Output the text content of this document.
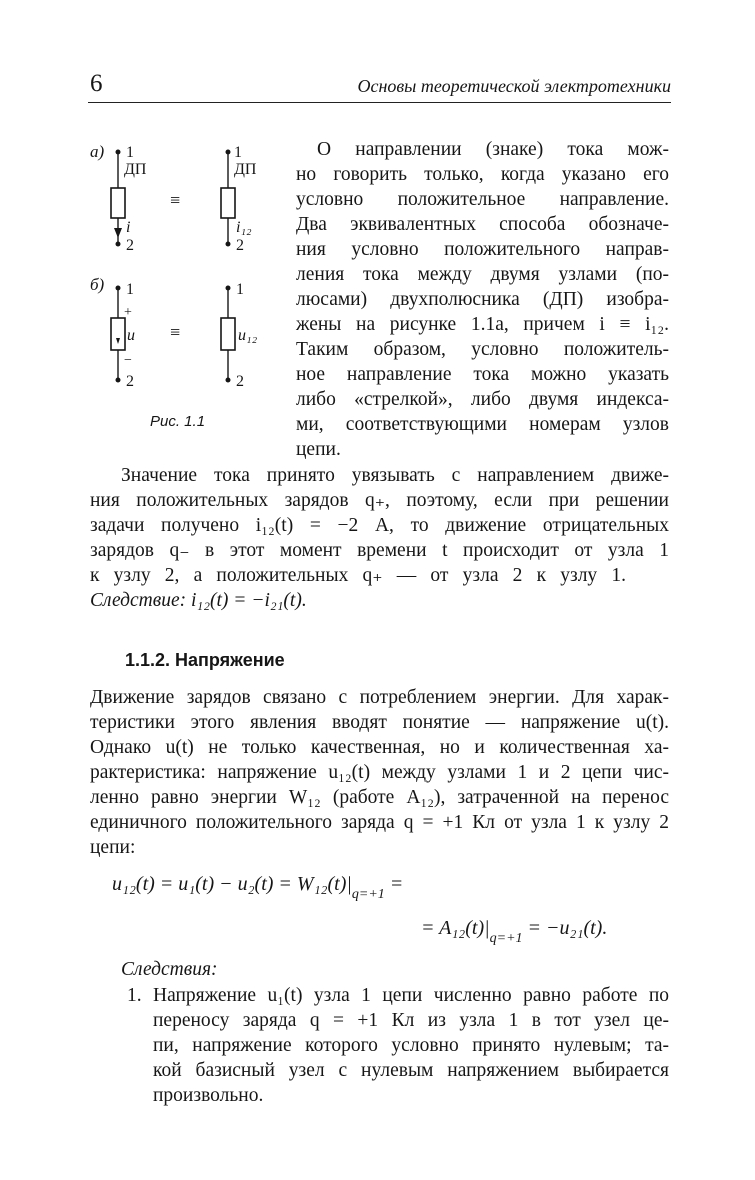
6	Основы теоретической электротехники
а) 1
ДП
i
2
≡
1
ДП
i₁₂
2
б) 1
+
u
−
2
≡
1
u₁₂
2
Рис. 1.1
О направлении (знаке) тока мож-
но говорить только, когда указано его
условно положительное направление.
Два эквивалентных способа обозначе-
ния условно положительного направ-
ления тока между двумя узлами (по-
люсами) двухполюсника (ДП) изобра-
жены на рисунке 1.1а, причем i ≡ i₁₂.
Таким образом, условно положитель-
ное направление тока можно указать
либо «стрелкой», либо двумя индекса-
ми, соответствующими номерам узлов
цепи.
Значение тока принято увязывать с направлением движе-
ния положительных зарядов q₊, поэтому, если при решении
задачи получено i₁₂(t) = −2 А, то движение отрицательных
зарядов q₋ в этот момент времени t происходит от узла 1
к узлу 2, а положительных q₊ — от узла 2 к узлу 1.
Следствие: i₁₂(t) = −i₂₁(t).
1.1.2. Напряжение
Движение зарядов связано с потреблением энергии. Для харак-
теристики этого явления вводят понятие — напряжение u(t).
Однако u(t) не только качественная, но и количественная ха-
рактеристика: напряжение u₁₂(t) между узлами 1 и 2 цепи чис-
ленно равно энергии W₁₂ (работе A₁₂), затраченной на перенос
единичного положительного заряда q = +1 Кл от узла 1 к узлу 2
цепи:
$u_{12}(t) = u_1(t) - u_2(t) = W_{12}(t)|_{q=+1}$ =
= $A_{12}(t)|_{q=+1} = -u_{21}(t)$.
Следствия:
1. Напряжение u₁(t) узла 1 цепи численно равно работе по
переносу заряда q = +1 Кл из узла 1 в тот узел це-
пи, напряжение которого условно принято нулевым; та-
кой базисный узел с нулевым напряжением выбирается
произвольно.
